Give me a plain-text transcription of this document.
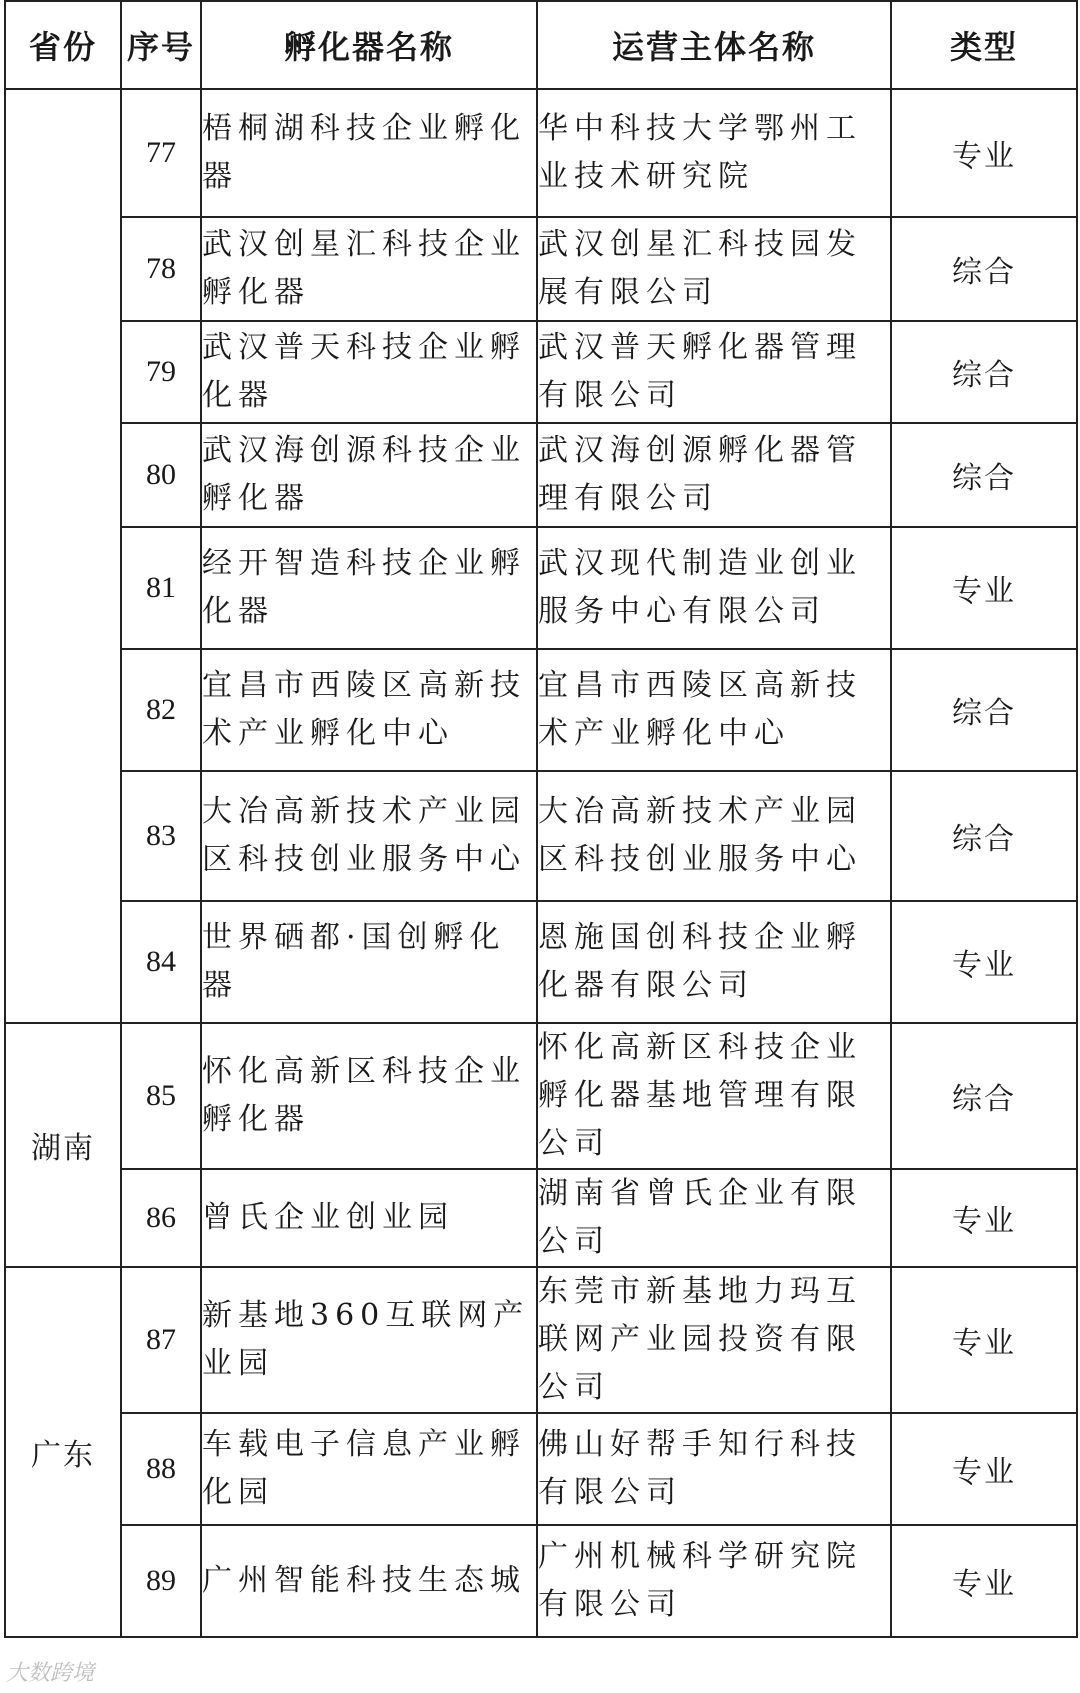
省份	序号	孵化器名称	运营主体名称	类型
	77	梧桐湖科技企业孵化器	华中科技大学鄂州工业技术研究院	专业
	78	武汉创星汇科技企业孵化器	武汉创星汇科技园发展有限公司	综合
	79	武汉普天科技企业孵化器	武汉普天孵化器管理有限公司	综合
	80	武汉海创源科技企业孵化器	武汉海创源孵化器管理有限公司	综合
	81	经开智造科技企业孵化器	武汉现代制造业创业服务中心有限公司	专业
	82	宜昌市西陵区高新技术产业孵化中心	宜昌市西陵区高新技术产业孵化中心	综合
	83	大冶高新技术产业园区科技创业服务中心	大冶高新技术产业园区科技创业服务中心	综合
	84	世界硒都·国创孵化器	恩施国创科技企业孵化器有限公司	专业
湖南	85	怀化高新区科技企业孵化器	怀化高新区科技企业孵化器基地管理有限公司	综合
	86	曾氏企业创业园	湖南省曾氏企业有限公司	专业
广东	87	新基地360互联网产业园	东莞市新基地力玛互联网产业园投资有限公司	专业
	88	车载电子信息产业孵化园	佛山好帮手知行科技有限公司	专业
	89	广州智能科技生态城	广州机械科学研究院有限公司	专业
大数跨境
